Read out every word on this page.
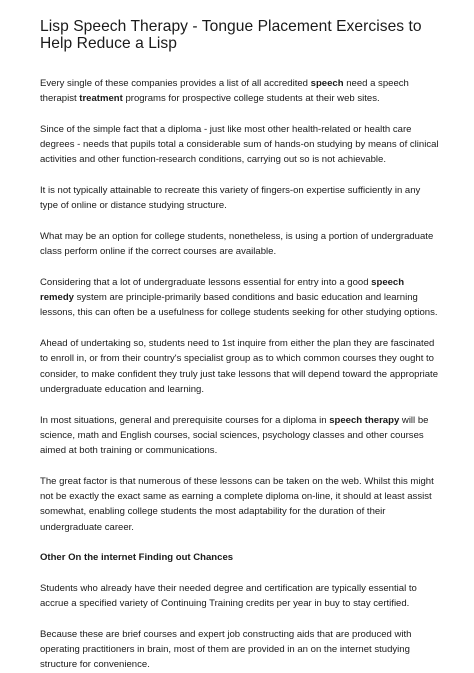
Lisp Speech Therapy - Tongue Placement Exercises to Help Reduce a Lisp

Every single of these companies provides a list of all accredited speech need a speech therapist treatment programs for prospective college students at their web sites.

Since of the simple fact that a diploma - just like most other health-related or health care degrees - needs that pupils total a considerable sum of hands-on studying by means of clinical activities and other function-research conditions, carrying out so is not achievable.

It is not typically attainable to recreate this variety of fingers-on expertise sufficiently in any type of online or distance studying structure.

What may be an option for college students, nonetheless, is using a portion of undergraduate class perform online if the correct courses are available.

Considering that a lot of undergraduate lessons essential for entry into a good speech remedy system are principle-primarily based conditions and basic education and learning lessons, this can often be a usefulness for college students seeking for other studying options.

Ahead of undertaking so, students need to 1st inquire from either the plan they are fascinated to enroll in, or from their country's specialist group as to which common courses they ought to consider, to make confident they truly just take lessons that will depend toward the appropriate undergraduate education and learning.

In most situations, general and prerequisite courses for a diploma in speech therapy will be science, math and English courses, social sciences, psychology classes and other courses aimed at both training or communications.

The great factor is that numerous of these lessons can be taken on the web. Whilst this might not be exactly the exact same as earning a complete diploma on-line, it should at least assist somewhat, enabling college students the most adaptability for the duration of their undergraduate career.

Other On the internet Finding out Chances

Students who already have their needed degree and certification are typically essential to accrue a specified variety of Continuing Training credits per year in buy to stay certified.

Because these are brief courses and expert job constructing aids that are produced with operating practitioners in brain, most of them are provided in an on the internet studying structure for convenience.
